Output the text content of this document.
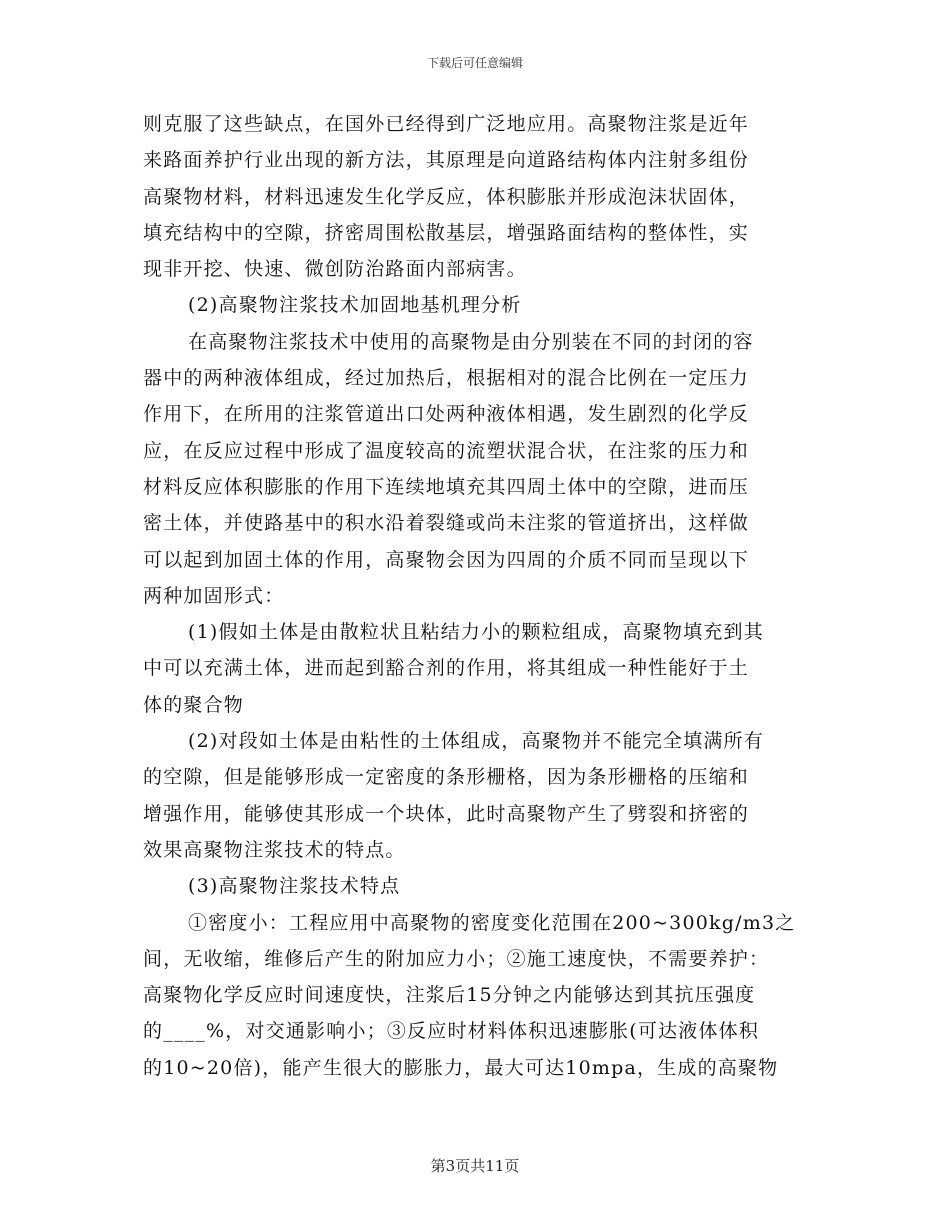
下载后可任意编辑
则克服了这些缺点，在国外已经得到广泛地应用。高聚物注浆是近年
来路面养护行业出现的新方法，其原理是向道路结构体内注射多组份
高聚物材料，材料迅速发生化学反应，体积膨胀并形成泡沫状固体，
填充结构中的空隙，挤密周围松散基层，增强路面结构的整体性，实
现非开挖、快速、微创防治路面内部病害。
(2)高聚物注浆技术加固地基机理分析
在高聚物注浆技术中使用的高聚物是由分别装在不同的封闭的容
器中的两种液体组成，经过加热后，根据相对的混合比例在一定压力
作用下，在所用的注浆管道出口处两种液体相遇，发生剧烈的化学反
应，在反应过程中形成了温度较高的流塑状混合状，在注浆的压力和
材料反应体积膨胀的作用下连续地填充其四周土体中的空隙，进而压
密土体，并使路基中的积水沿着裂缝或尚未注浆的管道挤出，这样做
可以起到加固土体的作用，高聚物会因为四周的介质不同而呈现以下
两种加固形式：
(1)假如土体是由散粒状且粘结力小的颗粒组成，高聚物填充到其
中可以充满土体，进而起到豁合剂的作用，将其组成一种性能好于土
体的聚合物
(2)对段如土体是由粘性的土体组成，高聚物并不能完全填满所有
的空隙，但是能够形成一定密度的条形栅格，因为条形栅格的压缩和
增强作用，能够使其形成一个块体，此时高聚物产生了劈裂和挤密的
效果高聚物注浆技术的特点。
(3)高聚物注浆技术特点
①密度小：工程应用中高聚物的密度变化范围在200~300kg/m3之
间，无收缩，维修后产生的附加应力小；②施工速度快，不需要养护：
高聚物化学反应时间速度快，注浆后15分钟之内能够达到其抗压强度
的____%，对交通影响小；③反应时材料体积迅速膨胀(可达液体体积
的10~20倍)，能产生很大的膨胀力，最大可达10mpa，生成的高聚物
第3页共11页
